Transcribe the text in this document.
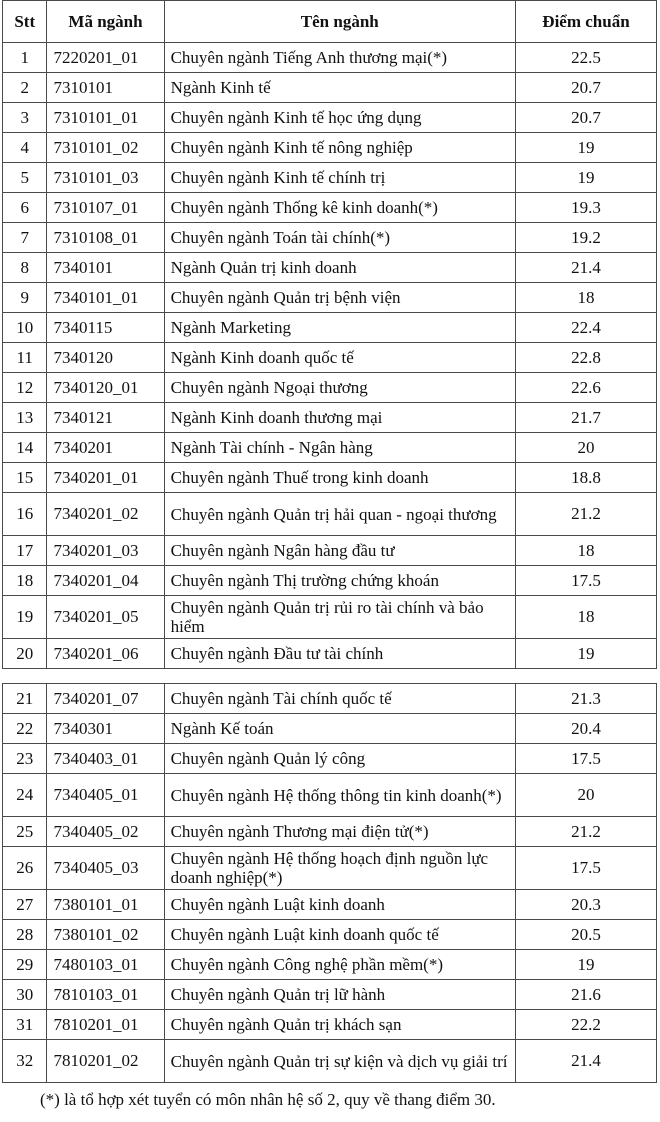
Stt	Mã ngành	Tên ngành	Điểm chuẩn
1	7220201_01	Chuyên ngành Tiếng Anh thương mại(*)	22.5
2	7310101	Ngành Kinh tế	20.7
3	7310101_01	Chuyên ngành Kinh tế học ứng dụng	20.7
4	7310101_02	Chuyên ngành Kinh tế nông nghiệp	19
5	7310101_03	Chuyên ngành Kinh tế chính trị	19
6	7310107_01	Chuyên ngành Thống kê kinh doanh(*)	19.3
7	7310108_01	Chuyên ngành Toán tài chính(*)	19.2
8	7340101	Ngành Quản trị kinh doanh	21.4
9	7340101_01	Chuyên ngành Quản trị bệnh viện	18
10	7340115	Ngành Marketing	22.4
11	7340120	Ngành Kinh doanh quốc tế	22.8
12	7340120_01	Chuyên ngành Ngoại thương	22.6
13	7340121	Ngành Kinh doanh thương mại	21.7
14	7340201	Ngành Tài chính - Ngân hàng	20
15	7340201_01	Chuyên ngành Thuế trong kinh doanh	18.8
16	7340201_02	Chuyên ngành Quản trị hải quan - ngoại thương	21.2
17	7340201_03	Chuyên ngành Ngân hàng đầu tư	18
18	7340201_04	Chuyên ngành Thị trường chứng khoán	17.5
19	7340201_05	Chuyên ngành Quản trị rủi ro tài chính và bảo hiểm	18
20	7340201_06	Chuyên ngành Đầu tư tài chính	19
21	7340201_07	Chuyên ngành Tài chính quốc tế	21.3
22	7340301	Ngành Kế toán	20.4
23	7340403_01	Chuyên ngành Quản lý công	17.5
24	7340405_01	Chuyên ngành Hệ thống thông tin kinh doanh(*)	20
25	7340405_02	Chuyên ngành Thương mại điện tử(*)	21.2
26	7340405_03	Chuyên ngành Hệ thống hoạch định nguồn lực doanh nghiệp(*)	17.5
27	7380101_01	Chuyên ngành Luật kinh doanh	20.3
28	7380101_02	Chuyên ngành Luật kinh doanh quốc tế	20.5
29	7480103_01	Chuyên ngành Công nghệ phần mềm(*)	19
30	7810103_01	Chuyên ngành Quản trị lữ hành	21.6
31	7810201_01	Chuyên ngành Quản trị khách sạn	22.2
32	7810201_02	Chuyên ngành Quản trị sự kiện và dịch vụ giải trí	21.4
(*) là tổ hợp xét tuyển có môn nhân hệ số 2, quy về thang điểm 30.
